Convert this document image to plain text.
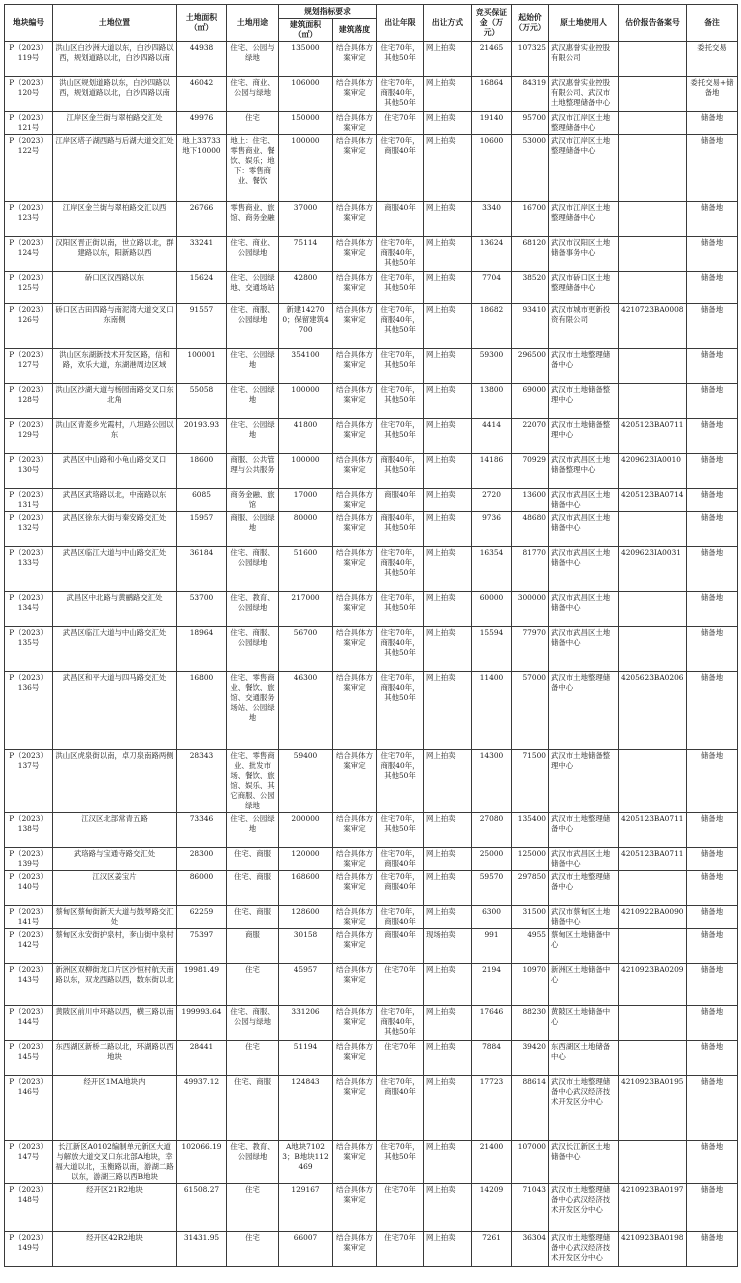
地块编号	土地位置	土地面积（㎡）	土地用途	规划指标要求		出让年限	出让方式	竞买保证金（万元）	起始价（万元）	原土地使用人	估价报告备案号	备注
				建筑面积（㎡）	建筑落度							
P（2023）119号	洪山区白沙洲大道以东，白沙四路以西，规划道路以北，白沙四路以南	44938	住宅、公园与绿地	135000	结合具体方案审定	住宅70年，其他50年	网上拍卖	21465	107325	武汉惠誉实业控股有限公司		委托交易
P（2023）120号	洪山区规划道路以东，白沙四路以西，规划道路以北，白沙四路以南	46042	住宅、商业、公园与绿地	106000	结合具体方案审定	住宅70年，商服40年，其他50年	网上拍卖	16864	84319	武汉惠誉实业控股有限公司、武汉市土地整理储备中心		委托交易+储备地
P（2023）121号	江岸区金兰街与翠柏路交汇处	49976	住宅	150000	结合具体方案审定	住宅70年	网上拍卖	19140	95700	武汉市江岸区土地整理储备中心		储备地
P（2023）122号	江岸区塔子湖西路与后湖大道交汇处	地上33733 地下10000	地上：住宅、零售商业、餐饮、娱乐；地下：零售商业、餐饮	100000	结合具体方案审定	住宅70年，商服40年	网上拍卖	10600	53000	武汉市江岸区土地整理储备中心		储备地
P（2023）123号	江岸区金兰街与翠柏路交汇以西	26766	零售商业、旅馆、商务金融	37000	结合具体方案审定	商服40年	网上拍卖	3340	16700	武汉市江岸区土地整理储备中心		储备地
P（2023）124号	汉阳区晋正街以南，世立路以北，群建路以东，阳新路以西	33241	住宅、商业、公园绿地	75114	结合具体方案审定	住宅70年，商服40年，其他50年	网上拍卖	13624	68120	武汉市汉阳区土地储备事务中心		储备地
P（2023）125号	硚口区汉西路以东	15624	住宅、公园绿地、交通场站	42800	结合具体方案审定	住宅70年，其他50年	网上拍卖	7704	38520	武汉市硚口区土地整理储备中心		储备地
P（2023）126号	硚口区古田四路与南泥湾大道交叉口东南侧	91557	住宅、商服、公园绿地	新建142700；保留建筑4700	结合具体方案审定	住宅70年，商服40年，其他50年	网上拍卖	18682	93410	武汉市城市更新投资有限公司	4210723BA0008	储备地
P（2023）127号	洪山区东湖新技术开发区路，信和路，欢乐大道，东湖港周边区域	100001	住宅、公园绿地	354100	结合具体方案审定	住宅70年，其他50年	网上拍卖	59300	296500	武汉市土地整理储备中心		储备地
P（2023）128号	洪山区沙湖大道与杨园南路交叉口东北角	55058	住宅、公园绿地	100000	结合具体方案审定	住宅70年，其他50年	网上拍卖	13800	69000	武汉市土地储备整理中心		储备地
P（2023）129号	洪山区青菱乡光霞村，八坦路公园以东	20193.93	住宅、公园绿地	41800	结合具体方案审定	住宅70年，其他50年	网上拍卖	4414	22070	武汉市土地储备整理中心	4205123BA0711	储备地
P（2023）130号	武昌区中山路和小龟山路交叉口	18600	商服、公共管理与公共服务	100000	结合具体方案审定	商服40年，其他50年	网上拍卖	14186	70929	武汉市武昌区土地储备整理中心	4209623IA0010	储备地
P（2023）131号	武昌区武珞路以北，中南路以东	6085	商务金融、旅馆	17000	结合具体方案审定	商服40年	网上拍卖	2720	13600	武汉市武昌区土地储备中心	4205123BA0714	储备地
P（2023）132号	武昌区徐东大街与秦安路交汇处	15957	商服、公园绿地	80000	结合具体方案审定	商服40年，其他50年	网上拍卖	9736	48680	武汉市武昌区土地储备中心		储备地
P（2023）133号	武昌区临江大道与中山路交汇处	36184	住宅、商服、公园绿地	51600	结合具体方案审定	住宅70年，商服40年，其他50年	网上拍卖	16354	81770	武汉市武昌区土地储备中心	4209623IA0031	储备地
P（2023）134号	武昌区中北路与黄鹂路交汇处	53700	住宅、教育、公园绿地	217000	结合具体方案审定	住宅70年，其他50年	网上拍卖	60000	300000	武汉市武昌区土地储备中心		储备地
P（2023）135号	武昌区临江大道与中山路交汇处	18964	住宅、商服、公园绿地	56700	结合具体方案审定	住宅70年，商服40年，其他50年	网上拍卖	15594	77970	武汉市武昌区土地储备中心		储备地
P（2023）136号	武昌区和平大道与四马路交汇处	16800	住宅、零售商业、餐饮、旅馆、交通服务场站、公园绿地	46300	结合具体方案审定	住宅70年，商服40年，其他50年	网上拍卖	11400	57000	武汉市土地整理储备中心	4205623BA0206	储备地
P（2023）137号	洪山区虎泉街以南，卓刀泉南路两侧	28343	住宅、零售商业、批发市场、餐饮、旅馆、娱乐、其它商服、公园绿地	59400	结合具体方案审定	住宅70年，商服40年，其他50年	网上拍卖	14300	71500	武汉市土地储备整理中心		储备地
P（2023）138号	江汉区北部常青五路	73346	住宅、公园绿地	200000	结合具体方案审定	住宅70年，其他50年	网上拍卖	27080	135400	武汉市土地整理储备中心	4205123BA0711	储备地
P（2023）139号	武珞路与宝通寺路交汇处	28300	住宅、商服	120000	结合具体方案审定	住宅70年，商服40年	网上拍卖	25000	125000	武汉市武昌区土地储备中心	4205123BA0711	储备地
P（2023）140号	江汉区姜宝片	86000	住宅、商服	168600	结合具体方案审定	住宅70年，商服40年	网上拍卖	59570	297850	武汉市土地整理储备中心		储备地
P（2023）141号	蔡甸区蔡甸街新天大道与鼓琴路交汇处	62259	住宅、商服	128600	结合具体方案审定	住宅70年，商服40年	网上拍卖	6300	31500	武汉市蔡甸区土地储备中心	4210922BA0090	储备地
P（2023）142号	蔡甸区永安街护泉村，奓山街中泉村	75397	商服	30158	结合具体方案审定	商服40年	现场拍卖	991	4955	蔡甸区土地储备中心		储备地
P（2023）143号	新洲区双柳街龙口片区沙恒村航天南路以东，双龙西路以西，数东街以北	19981.49	住宅	45957	结合具体方案审定	住宅70年	网上拍卖	2194	10970	新洲区土地储备中心	4210923BA0209	储备地
P（2023）144号	黄陂区前川中环路以西，横三路以南	199993.64	住宅、商服、公园与绿地	331206	结合具体方案审定	住宅70年，商服40年，其他50年	网上拍卖	17646	88230	黄陂区土地储备中心		储备地
P（2023）145号	东西湖区新桥二路以北，环湖路以西地块	28441	住宅	51194	结合具体方案审定	住宅70年	网上拍卖	7884	39420	东西湖区土地储备中心		储备地
P（2023）146号	经开区1MA地块内	49937.12	住宅、商服	124843	结合具体方案审定	住宅70年，商服40年	网上拍卖	17723	88614	武汉市土地整理储备中心武汉经济技术开发区分中心	4210923BA0195	储备地
P（2023）147号	长江新区A0102编制单元新区大道与解放大道交叉口东北部A地块，幸福大道以北，玉衡路以南，游湖二路以东，游湖三路以西B地块	102066.19	住宅、教育、公园绿地	A地块71023；B地块112469	结合具体方案审定	住宅70年，其他50年	网上拍卖	21400	107000	武汉长江新区土地储备中心		储备地
P（2023）148号	经开区21R2地块	61508.27	住宅	129167	结合具体方案审定	住宅70年	网上拍卖	14209	71043	武汉市土地整理储备中心武汉经济技术开发区分中心	4210923BA0197	储备地
P（2023）149号	经开区42R2地块	31431.95	住宅	66007	结合具体方案审定	住宅70年	网上拍卖	7261	36304	武汉市土地整理储备中心武汉经济技术开发区分中心	4210923BA0198	储备地
